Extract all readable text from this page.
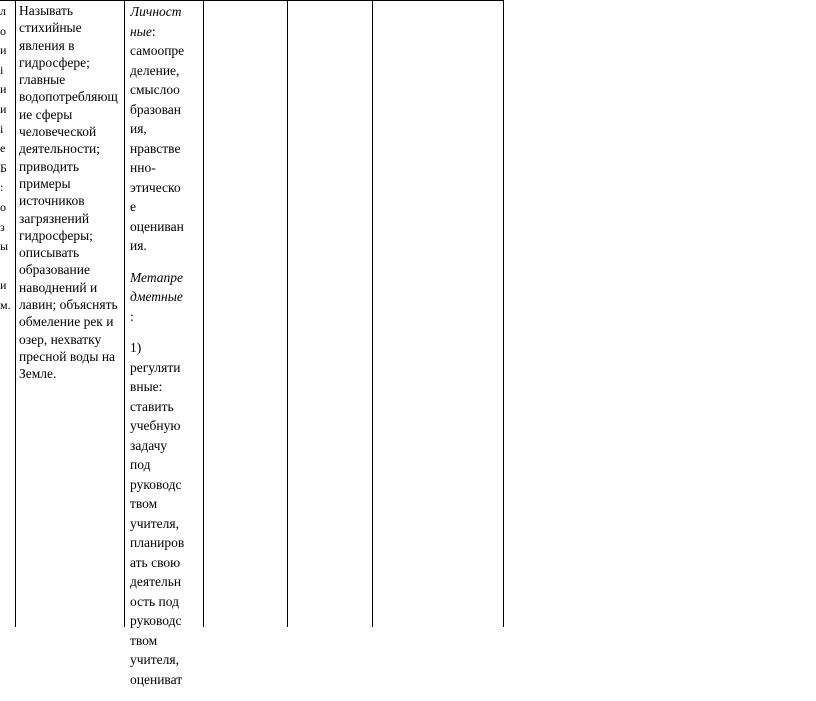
л
о
и
і
и
и
і
е
Б
:
о
з
ы
и
м.
Называть
стихийные
явления в
гидросфере;
главные
водопотребляющ
ие сферы
человеческой
деятельности;
приводить
примеры
источников
загрязнений
гидросферы;
описывать
образование
наводнений и
лавин; объяснять
обмеление рек и
озер, нехватку
пресной воды на
Земле.
Личност
ные:
самоопре
деление,
смыслоо
бразован
ия,
нравстве
нно-
этическо
е
оцениван
ия.
Метапре
дметные
:
1)
регуляти
вные:
ставить
учебную
задачу
под
руководс
твом
учителя,
планиров
ать свою
деятельн
ость под
руководс
твом
учителя,
оцениват
